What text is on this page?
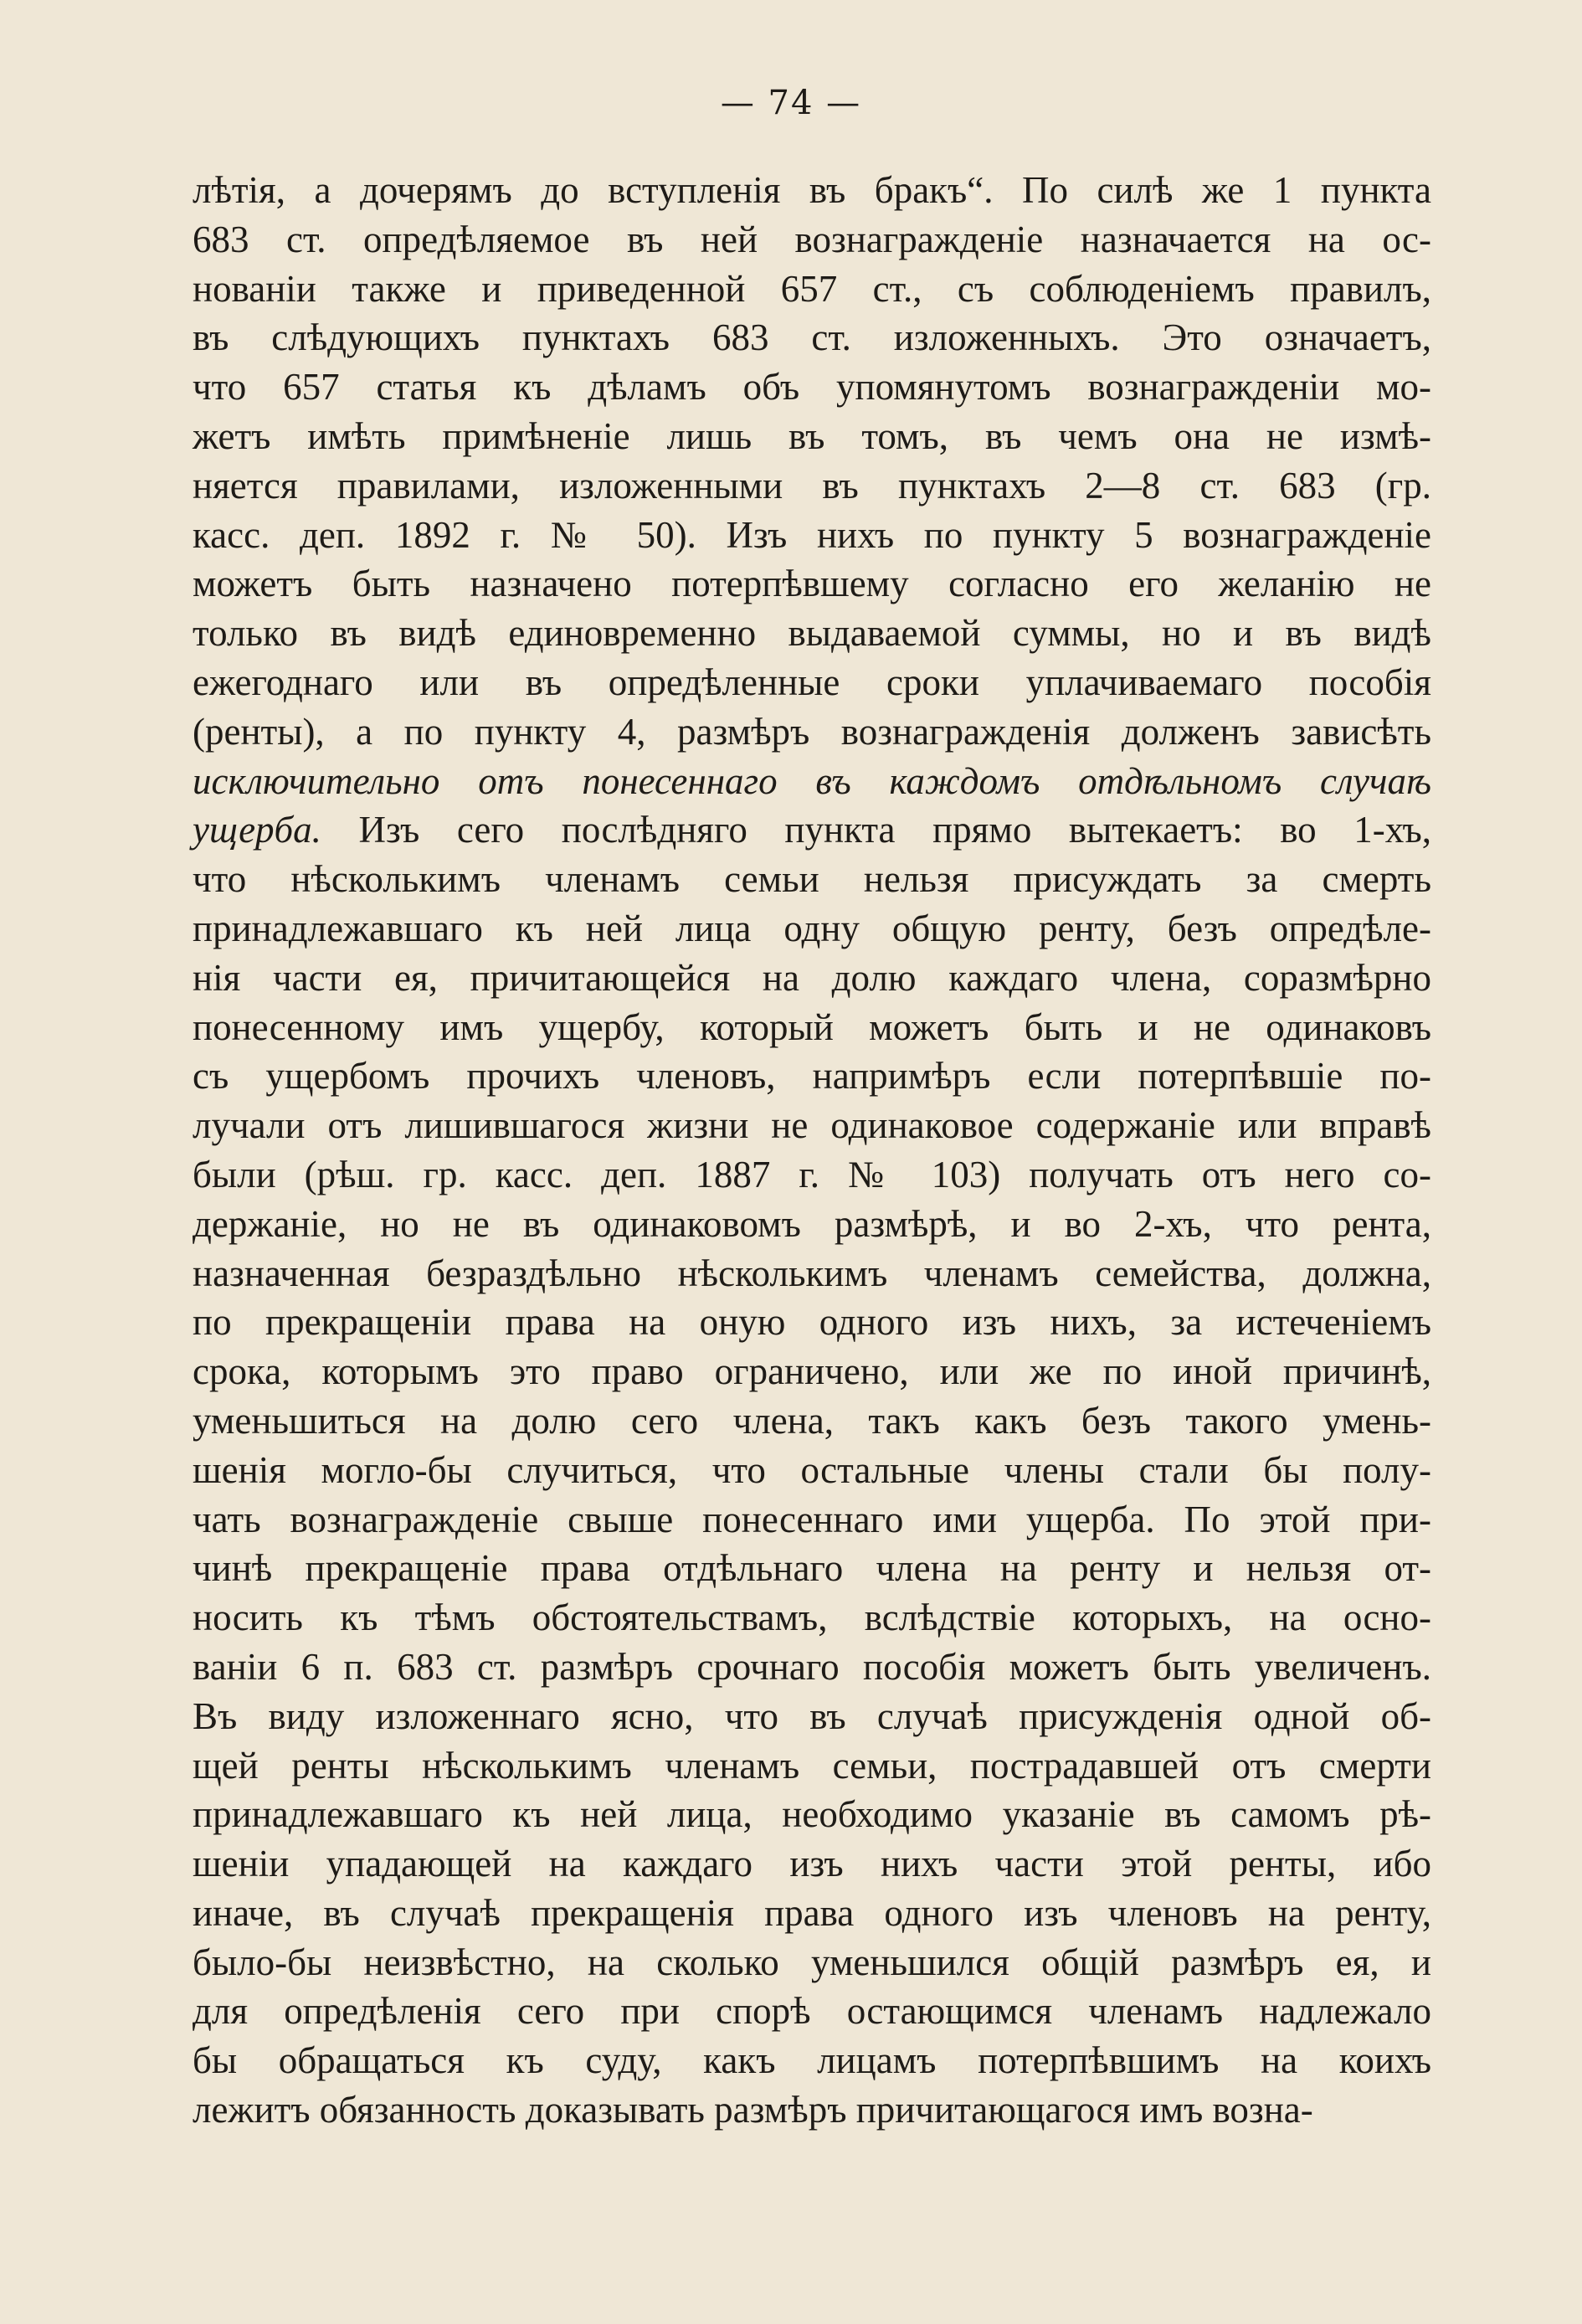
— 74 —
лѣтія, а дочерямъ до вступленія въ бракъ“. По силѣ же 1 пункта
683 ст. опредѣляемое въ ней вознагражденіе назначается на ос-
нованіи также и приведенной 657 ст., съ соблюденіемъ правилъ,
въ слѣдующихъ пунктахъ 683 ст. изложенныхъ. Это означаетъ,
что 657 статья къ дѣламъ объ упомянутомъ вознагражденіи мо-
жетъ имѣть примѣненіе лишь въ томъ, въ чемъ она не измѣ-
няется правилами, изложенными въ пунктахъ 2—8 ст. 683 (гр.
касс. деп. 1892 г. № 50). Изъ нихъ по пункту 5 вознагражденіе
можетъ быть назначено потерпѣвшему согласно его желанію не
только въ видѣ единовременно выдаваемой суммы, но и въ видѣ
ежегоднаго или въ опредѣленные сроки уплачиваемаго пособія
(ренты), а по пункту 4, размѣръ вознагражденія долженъ зависѣть
исключительно отъ понесеннаго въ каждомъ отдѣльномъ случаѣ
ущерба. Изъ сего послѣдняго пункта прямо вытекаетъ: во 1-хъ,
что нѣсколькимъ членамъ семьи нельзя присуждать за смерть
принадлежавшаго къ ней лица одну общую ренту, безъ опредѣле-
нія части ея, причитающейся на долю каждаго члена, соразмѣрно
понесенному имъ ущербу, который можетъ быть и не одинаковъ
съ ущербомъ прочихъ членовъ, напримѣръ если потерпѣвшіе по-
лучали отъ лишившагося жизни не одинаковое содержаніе или вправѣ
были (рѣш. гр. касс. деп. 1887 г. № 103) получать отъ него со-
держаніе, но не въ одинаковомъ размѣрѣ, и во 2-хъ, что рента,
назначенная безраздѣльно нѣсколькимъ членамъ семейства, должна,
по прекращеніи права на оную одного изъ нихъ, за истеченіемъ
срока, которымъ это право ограничено, или же по иной причинѣ,
уменьшиться на долю сего члена, такъ какъ безъ такого умень-
шенія могло-бы случиться, что остальные члены стали бы полу-
чать вознагражденіе свыше понесеннаго ими ущерба. По этой при-
чинѣ прекращеніе права отдѣльнаго члена на ренту и нельзя от-
носить къ тѣмъ обстоятельствамъ, вслѣдствіе которыхъ, на осно-
ваніи 6 п. 683 ст. размѣръ срочнаго пособія можетъ быть увеличенъ.
Въ виду изложеннаго ясно, что въ случаѣ присужденія одной об-
щей ренты нѣсколькимъ членамъ семьи, пострадавшей отъ смерти
принадлежавшаго къ ней лица, необходимо указаніе въ самомъ рѣ-
шеніи упадающей на каждаго изъ нихъ части этой ренты, ибо
иначе, въ случаѣ прекращенія права одного изъ членовъ на ренту,
было-бы неизвѣстно, на сколько уменьшился общій размѣръ ея, и
для опредѣленія сего при спорѣ остающимся членамъ надлежало
бы обращаться къ суду, какъ лицамъ потерпѣвшимъ на коихъ
лежитъ обязанность доказывать размѣръ причитающагося имъ возна-
